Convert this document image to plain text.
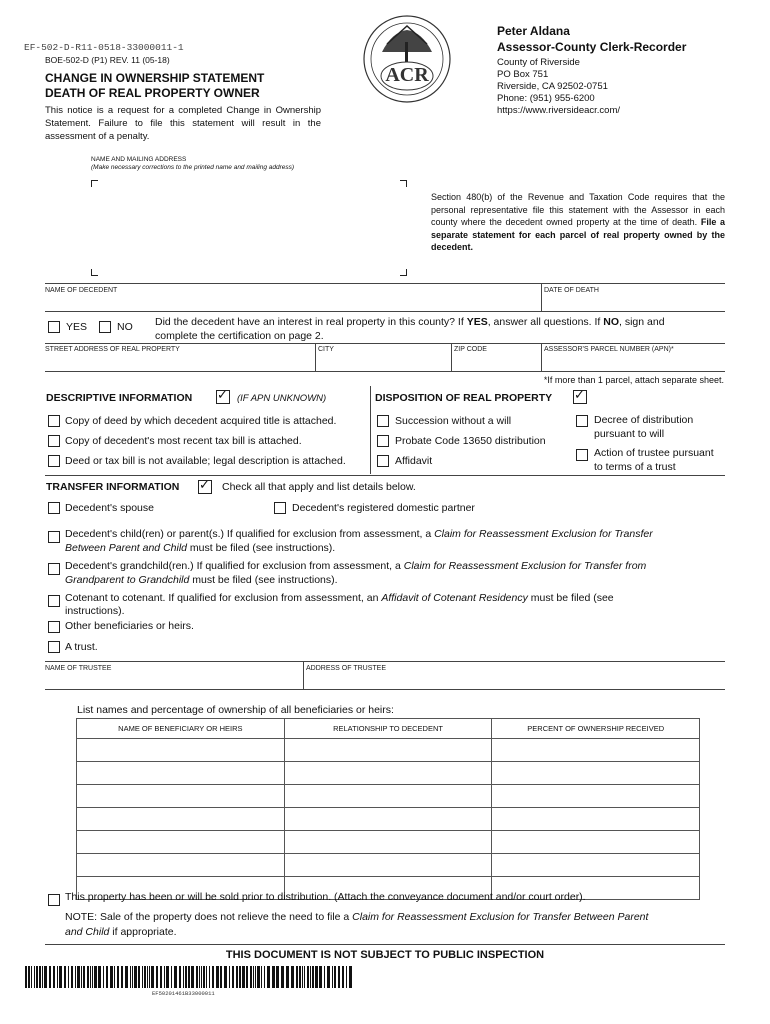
EF-502-D-R11-0518-33000011-1
BOE-502-D (P1) REV. 11 (05-18)
CHANGE IN OWNERSHIP STATEMENT
DEATH OF REAL PROPERTY OWNER
This notice is a request for a completed Change in Ownership Statement. Failure to file this statement will result in the assessment of a penalty.
ACR
Peter Aldana
Assessor-County Clerk-Recorder
County of Riverside
PO Box 751
Riverside, CA 92502-0751
Phone: (951) 955-6200
https://www.riversideacr.com/
NAME AND MAILING ADDRESS
(Make necessary corrections to the printed name and mailing address)
Section 480(b) of the Revenue and Taxation Code requires that the personal representative file this statement with the Assessor in each county where the decedent owned property at the time of death. File a separate statement for each parcel of real property owned by the decedent.
NAME OF DECEDENT	DATE OF DEATH
YES	NO Did the decedent have an interest in real property in this county? If YES, answer all questions. If NO, sign and
complete the certification on page 2.
STREET ADDRESS OF REAL PROPERTY	CITY	ZIP CODE	ASSESSOR'S PARCEL NUMBER (APN)*
*If more than 1 parcel, attach separate sheet.
DESCRIPTIVE INFORMATION ✓	(IF APN UNKNOWN)	DISPOSITION OF REAL PROPERTY
✓
Copy of deed by which decedent acquired title is attached.
Copy of decedent's most recent tax bill is attached.
Deed or tax bill is not available; legal description is attached.
Succession without a will
Probate Code 13650 distribution
Affidavit
Decree of distribution
pursuant to will
Action of trustee pursuant
to terms of a trust
TRANSFER INFORMATION ✓	Check all that apply and list details below.
Decedent's spouse	Decedent's registered domestic partner
Decedent's child(ren) or parent(s.) If qualified for exclusion from assessment, a Claim for Reassessment Exclusion for Transfer
Between Parent and Child must be filed (see instructions).
Decedent's grandchild(ren.) If qualified for exclusion from assessment, a Claim for Reassessment Exclusion for Transfer from
Grandparent to Grandchild must be filed (see instructions).
Cotenant to cotenant. If qualified for exclusion from assessment, an Affidavit of Cotenant Residency must be filed (see
instructions).
Other beneficiaries or heirs.
A trust.
NAME OF TRUSTEE	ADDRESS OF TRUSTEE
List names and percentage of ownership of all beneficiaries or heirs:
NAME OF BENEFICIARY OR HEIRS	RELATIONSHIP TO DECEDENT	PERCENT OF OWNERSHIP RECEIVED

This property has been or will be sold prior to distribution. (Attach the conveyance document and/or court order).
NOTE: Sale of the property does not relieve the need to file a Claim for Reassessment Exclusion for Transfer Between Parent
and Child if appropriate.
THIS DOCUMENT IS NOT SUBJECT TO PUBLIC INSPECTION
EF50201461B33000011
